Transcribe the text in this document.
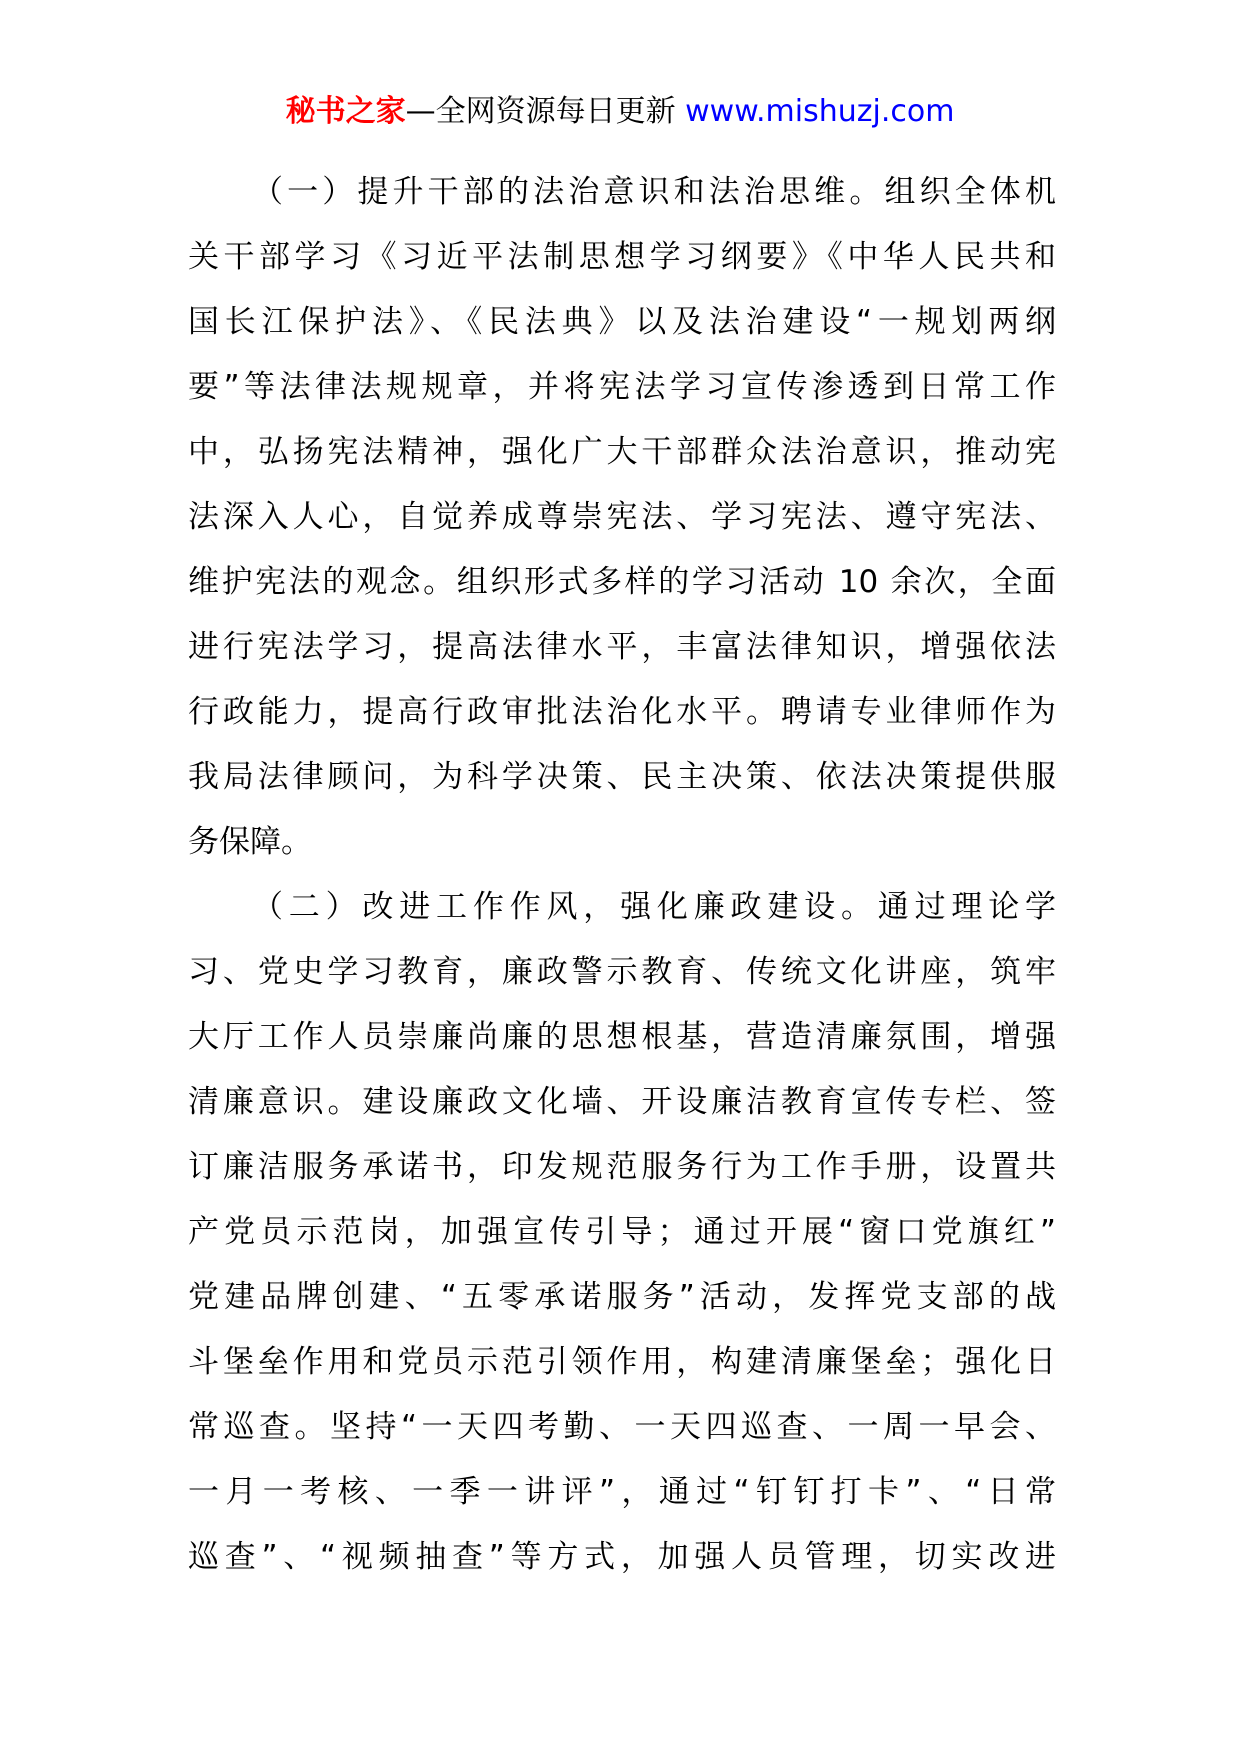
秘书之家—全网资源每日更新 www.mishuzj.com

（一）提升干部的法治意识和法治思维。组织全体机
关干部学习《习近平法制思想学习纲要》《中华人民共和
国长江保护法》、《民法典》以及法治建设“一规划两纲
要”等法律法规规章，并将宪法学习宣传渗透到日常工作
中，弘扬宪法精神，强化广大干部群众法治意识，推动宪
法深入人心，自觉养成尊崇宪法、学习宪法、遵守宪法、
维护宪法的观念。组织形式多样的学习活动 10 余次，全面
进行宪法学习，提高法律水平，丰富法律知识，增强依法
行政能力，提高行政审批法治化水平。聘请专业律师作为
我局法律顾问，为科学决策、民主决策、依法决策提供服
务保障。

（二）改进工作作风，强化廉政建设。通过理论学
习、党史学习教育，廉政警示教育、传统文化讲座，筑牢
大厅工作人员崇廉尚廉的思想根基，营造清廉氛围，增强
清廉意识。建设廉政文化墙、开设廉洁教育宣传专栏、签
订廉洁服务承诺书，印发规范服务行为工作手册，设置共
产党员示范岗，加强宣传引导；通过开展“窗口党旗红”
党建品牌创建、“五零承诺服务”活动，发挥党支部的战
斗堡垒作用和党员示范引领作用，构建清廉堡垒；强化日
常巡查。坚持“一天四考勤、一天四巡查、一周一早会、
一月一考核、一季一讲评”，通过“钉钉打卡”、“日常
巡查”、“视频抽查”等方式，加强人员管理，切实改进
